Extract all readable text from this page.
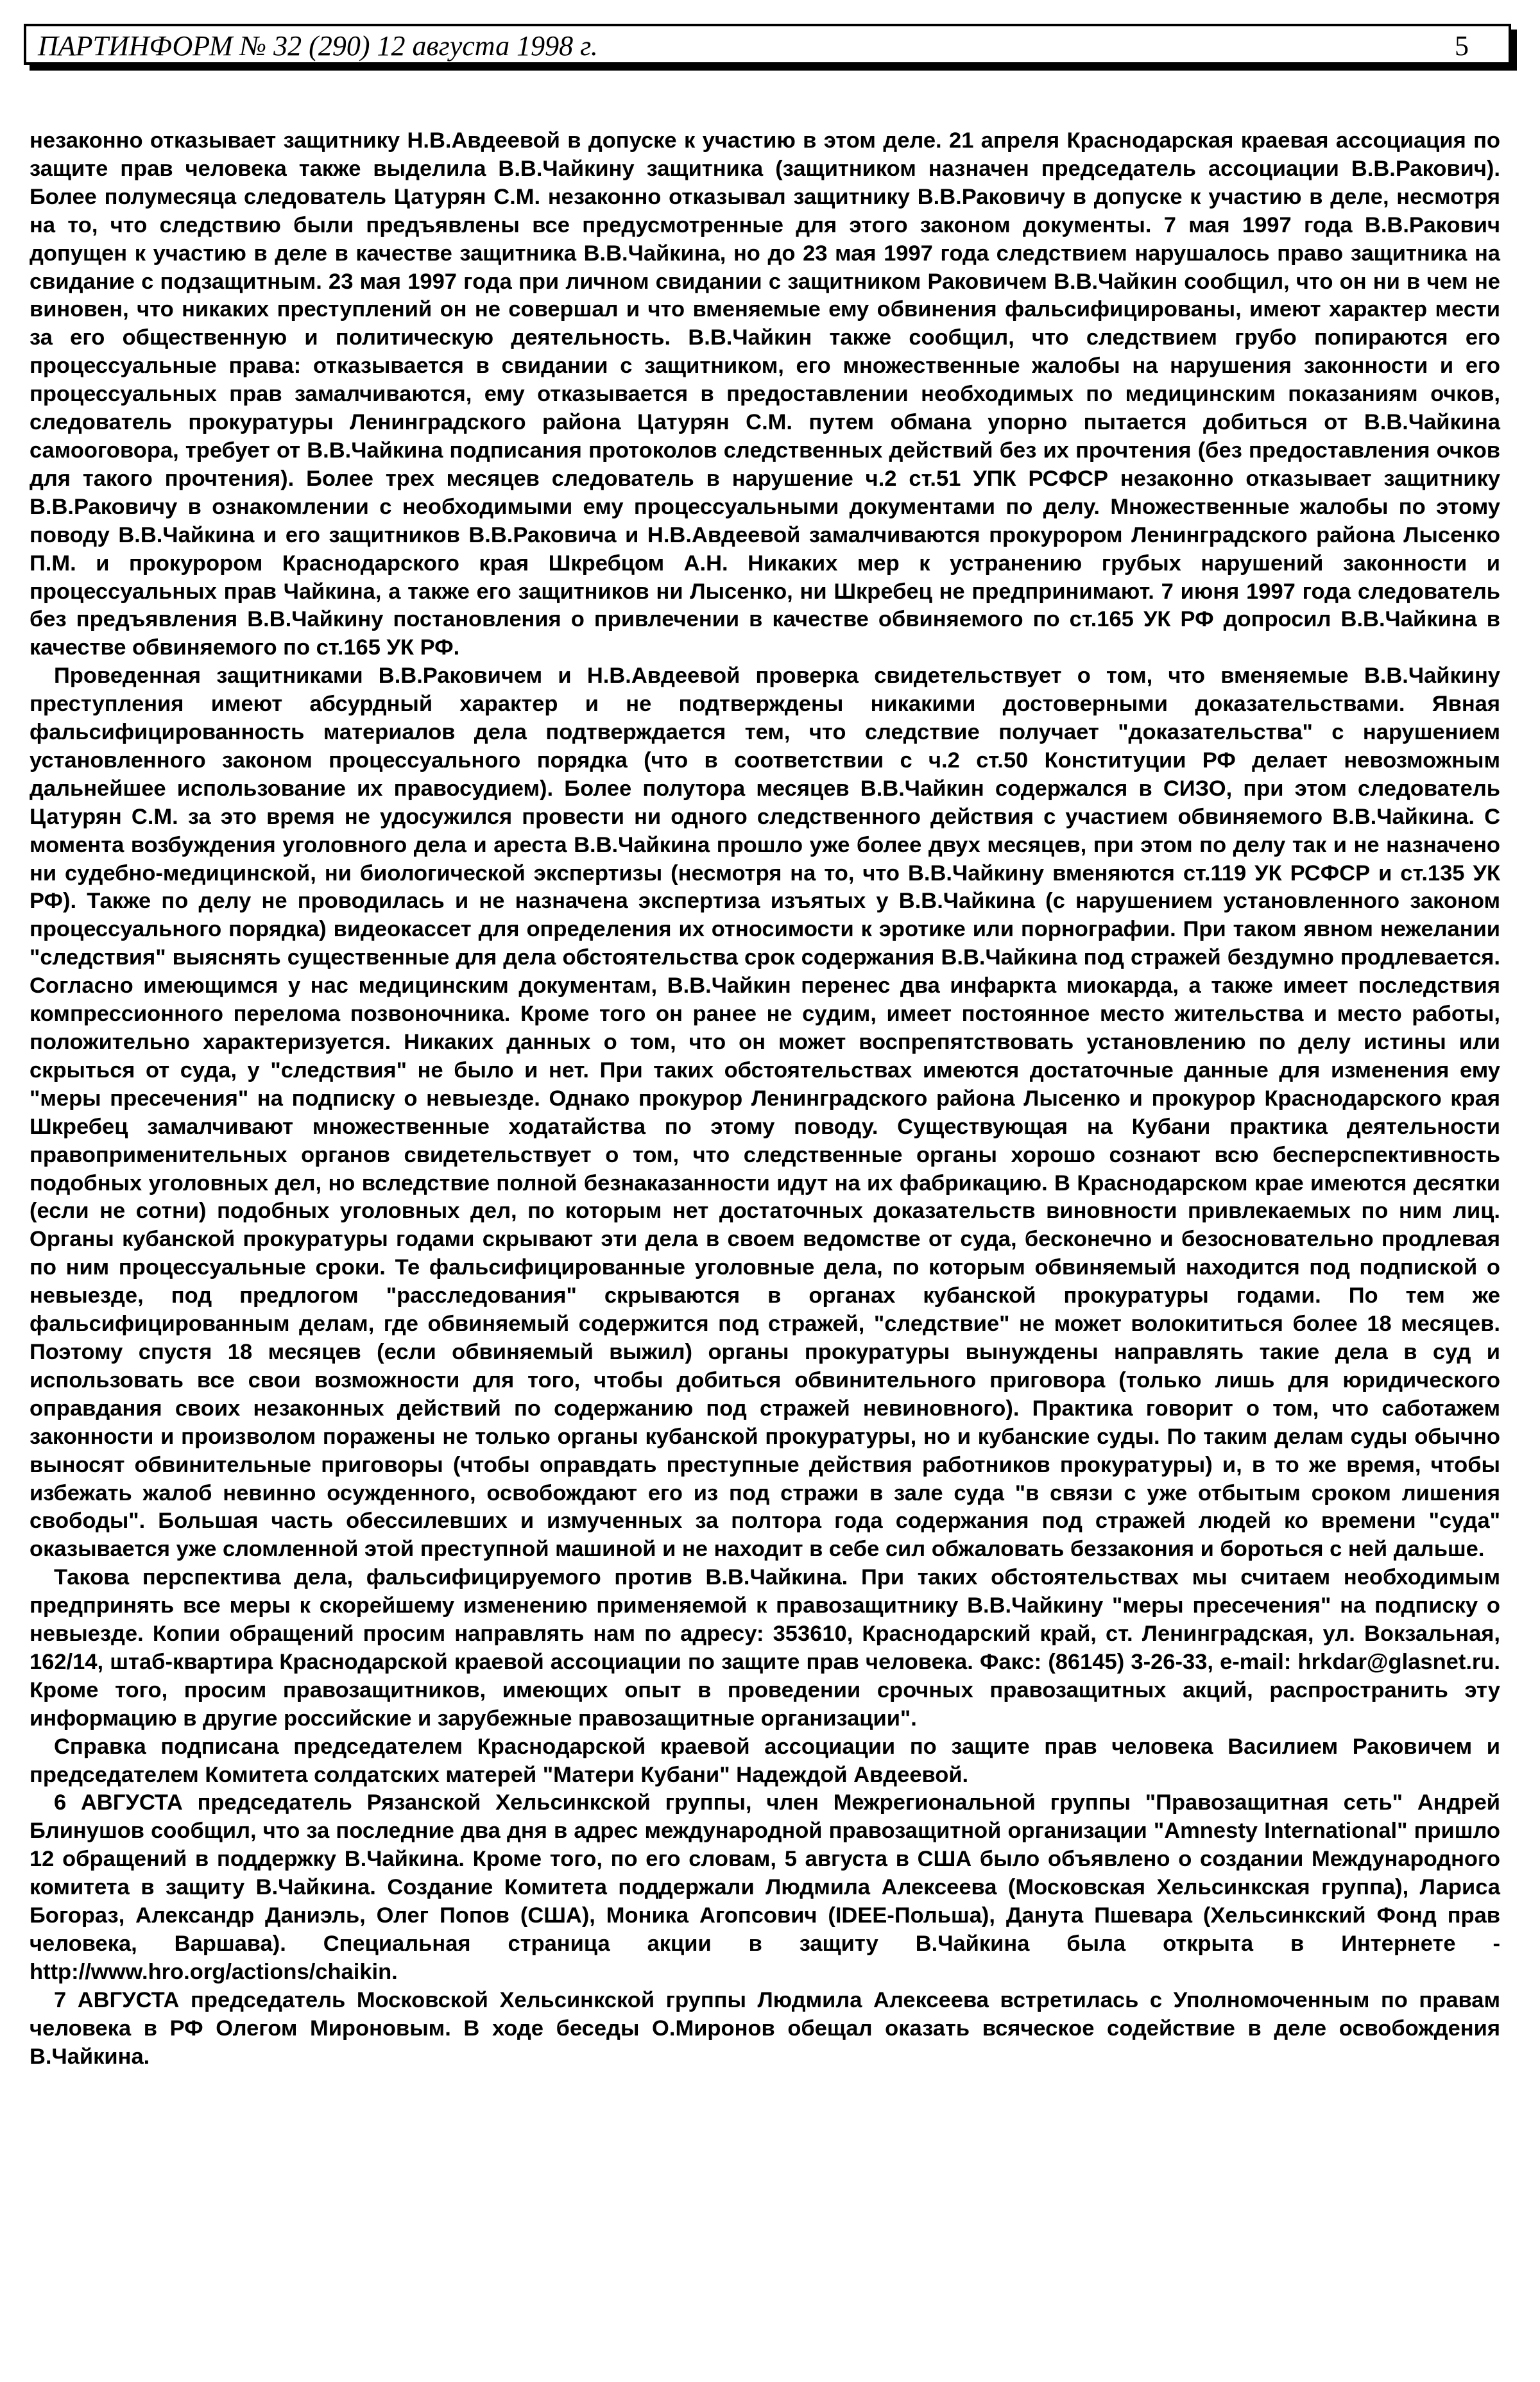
ПАРТИНФОРМ № 32 (290) 12 августа 1998 г.	5

незаконно отказывает защитнику Н.В.Авдеевой в допуске к участию в этом деле. 21 апреля Краснодарская краевая ассоциация по защите прав человека также выделила В.В.Чайкину защитника (защитником назначен председатель ассоциации В.В.Ракович). Более полумесяца следователь Цатурян С.М. незаконно отказывал защитнику В.В.Раковичу в допуске к участию в деле, несмотря на то, что следствию были предъявлены все предусмотренные для этого законом документы. 7 мая 1997 года В.В.Ракович допущен к участию в деле в качестве защитника В.В.Чайкина, но до 23 мая 1997 года следствием нарушалось право защитника на свидание с подзащитным. 23 мая 1997 года при личном свидании с защитником Раковичем В.В.Чайкин сообщил, что он ни в чем не виновен, что никаких преступлений он не совершал и что вменяемые ему обвинения фальсифицированы, имеют характер мести за его общественную и политическую деятельность. В.В.Чайкин также сообщил, что следствием грубо попираются его процессуальные права: отказывается в свидании с защитником, его множественные жалобы на нарушения законности и его процессуальных прав замалчиваются, ему отказывается в предоставлении необходимых по медицинским показаниям очков, следователь прокуратуры Ленинградского района Цатурян С.М. путем обмана упорно пытается добиться от В.В.Чайкина самооговора, требует от В.В.Чайкина подписания протоколов следственных действий без их прочтения (без предоставления очков для такого прочтения). Более трех месяцев следователь в нарушение ч.2 ст.51 УПК РСФСР незаконно отказывает защитнику В.В.Раковичу в ознакомлении с необходимыми ему процессуальными документами по делу. Множественные жалобы по этому поводу В.В.Чайкина и его защитников В.В.Раковича и Н.В.Авдеевой замалчиваются прокурором Ленинградского района Лысенко П.М. и прокурором Краснодарского края Шкребцом А.Н. Никаких мер к устранению грубых нарушений законности и процессуальных прав Чайкина, а также его защитников ни Лысенко, ни Шкребец не предпринимают. 7 июня 1997 года следователь без предъявления В.В.Чайкину постановления о привлечении в качестве обвиняемого по ст.165 УК РФ допросил В.В.Чайкина в качестве обвиняемого по ст.165 УК РФ.

Проведенная защитниками В.В.Раковичем и Н.В.Авдеевой проверка свидетельствует о том, что вменяемые В.В.Чайкину преступления имеют абсурдный характер и не подтверждены никакими достоверными доказательствами. Явная фальсифицированность материалов дела подтверждается тем, что следствие получает "доказательства" с нарушением установленного законом процессуального порядка (что в соответствии с ч.2 ст.50 Конституции РФ делает невозможным дальнейшее использование их правосудием). Более полутора месяцев В.В.Чайкин содержался в СИЗО, при этом следователь Цатурян С.М. за это время не удосужился провести ни одного следственного действия с участием обвиняемого В.В.Чайкина. С момента возбуждения уголовного дела и ареста В.В.Чайкина прошло уже более двух месяцев, при этом по делу так и не назначено ни судебно-медицинской, ни биологической экспертизы (несмотря на то, что В.В.Чайкину вменяются ст.119 УК РСФСР и ст.135 УК РФ). Также по делу не проводилась и не назначена экспертиза изъятых у В.В.Чайкина (с нарушением установленного законом процессуального порядка) видеокассет для определения их относимости к эротике или порнографии. При таком явном нежелании "следствия" выяснять существенные для дела обстоятельства срок содержания В.В.Чайкина под стражей бездумно продлевается. Согласно имеющимся у нас медицинским документам, В.В.Чайкин перенес два инфаркта миокарда, а также имеет последствия компрессионного перелома позвоночника. Кроме того он ранее не судим, имеет постоянное место жительства и место работы, положительно характеризуется. Никаких данных о том, что он может воспрепятствовать установлению по делу истины или скрыться от суда, у "следствия" не было и нет. При таких обстоятельствах имеются достаточные данные для изменения ему "меры пресечения" на подписку о невыезде. Однако прокурор Ленинградского района Лысенко и прокурор Краснодарского края Шкребец замалчивают множественные ходатайства по этому поводу. Существующая на Кубани практика деятельности правоприменительных органов свидетельствует о том, что следственные органы хорошо сознают всю бесперспективность подобных уголовных дел, но вследствие полной безнаказанности идут на их фабрикацию. В Краснодарском крае имеются десятки (если не сотни) подобных уголовных дел, по которым нет достаточных доказательств виновности привлекаемых по ним лиц. Органы кубанской прокуратуры годами скрывают эти дела в своем ведомстве от суда, бесконечно и безосновательно продлевая по ним процессуальные сроки. Те фальсифицированные уголовные дела, по которым обвиняемый находится под подпиской о невыезде, под предлогом "расследования" скрываются в органах кубанской прокуратуры годами. По тем же фальсифицированным делам, где обвиняемый содержится под стражей, "следствие" не может волокититься более 18 месяцев. Поэтому спустя 18 месяцев (если обвиняемый выжил) органы прокуратуры вынуждены направлять такие дела в суд и использовать все свои возможности для того, чтобы добиться обвинительного приговора (только лишь для юридического оправдания своих незаконных действий по содержанию под стражей невиновного). Практика говорит о том, что саботажем законности и произволом поражены не только органы кубанской прокуратуры, но и кубанские суды. По таким делам суды обычно выносят обвинительные приговоры (чтобы оправдать преступные действия работников прокуратуры) и, в то же время, чтобы избежать жалоб невинно осужденного, освобождают его из под стражи в зале суда "в связи с уже отбытым сроком лишения свободы". Большая часть обессилевших и измученных за полтора года содержания под стражей людей ко времени "суда" оказывается уже сломленной этой преступной машиной и не находит в себе сил обжаловать беззакония и бороться с ней дальше.

Такова перспектива дела, фальсифицируемого против В.В.Чайкина. При таких обстоятельствах мы считаем необходимым предпринять все меры к скорейшему изменению применяемой к правозащитнику В.В.Чайкину "меры пресечения" на подписку о невыезде. Копии обращений просим направлять нам по адресу: 353610, Краснодарский край, ст. Ленинградская, ул. Вокзальная, 162/14, штаб-квартира Краснодарской краевой ассоциации по защите прав человека. Факс: (86145) 3-26-33, e-mail: hrkdar@glasnet.ru. Кроме того, просим правозащитников, имеющих опыт в проведении срочных правозащитных акций, распространить эту информацию в другие российские и зарубежные правозащитные организации".

Справка подписана председателем Краснодарской краевой ассоциации по защите прав человека Василием Раковичем и председателем Комитета солдатских матерей "Матери Кубани" Надеждой Авдеевой.

6 АВГУСТА председатель Рязанской Хельсинкской группы, член Межрегиональной группы "Правозащитная сеть" Андрей Блинушов сообщил, что за последние два дня в адрес международной правозащитной организации "Amnesty International" пришло 12 обращений в поддержку В.Чайкина. Кроме того, по его словам, 5 августа в США было объявлено о создании Международного комитета в защиту В.Чайкина. Создание Комитета поддержали Людмила Алексеева (Московская Хельсинкская группа), Лариса Богораз, Александр Даниэль, Олег Попов (США), Моника Агопсович (IDEE-Польша), Данута Пшевара (Хельсинкский Фонд прав человека, Варшава). Специальная страница акции в защиту В.Чайкина была открыта в Интернете - http://www.hro.org/actions/chaikin.

7 АВГУСТА председатель Московской Хельсинкской группы Людмила Алексеева встретилась с Уполномоченным по правам человека в РФ Олегом Мироновым. В ходе беседы О.Миронов обещал оказать всяческое содействие в деле освобождения В.Чайкина.
